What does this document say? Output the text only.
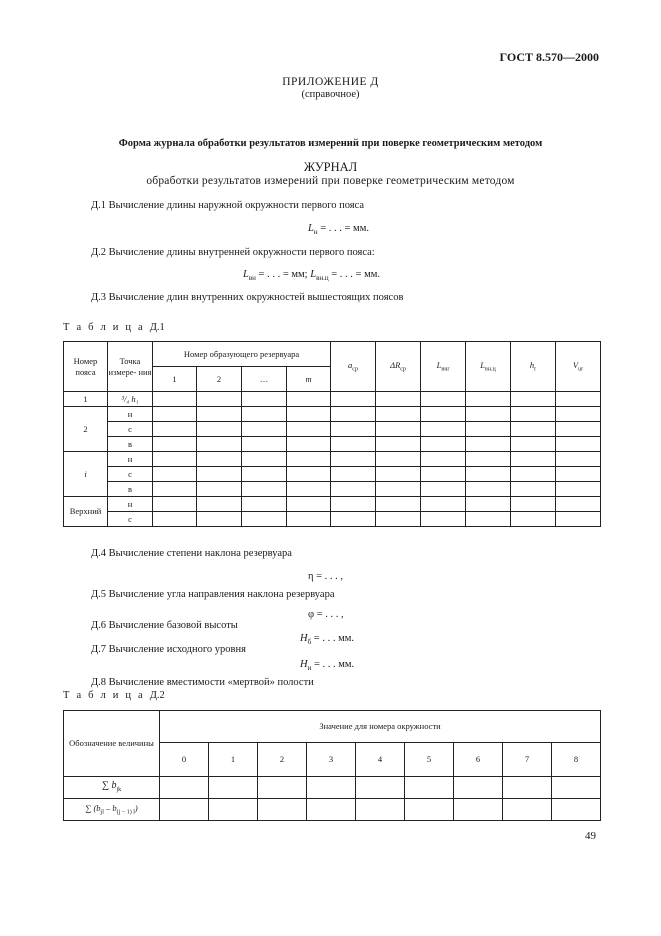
ГОСТ 8.570—2000
ПРИЛОЖЕНИЕ Д
(справочное)
Форма журнала обработки результатов измерений при поверке геометрическим методом
ЖУРНАЛ
обработки результатов измерений при поверке геометрическим методом
Д.1 Вычисление длины наружной окружности первого пояса
$L_н$ = . . . = мм.
Д.2 Вычисление длины внутренней окружности первого пояса:
$L_{вн}$ = . . . = мм; $L_{вн.ц}$ = . . . = мм.
Д.3 Вычисление длин внутренних окружностей вышестоящих поясов
Т а б л и ц а Д.1
Номер пояса	Точка измере- ния	Номер образующего резервуара				$a_{ср}$	$\Delta R_{ср}$	$L_{внr}$	$L_{вн.ц}$	$h_r$	$V_{ur}$
		1	2	…	m						
1	³/₄ h₁										
2	н										
	с										
	в										
i	н										
	с										
	в										
Верхний	н										
	с										
Д.4 Вычисление степени наклона резервуара
η = . . . ,
Д.5 Вычисление угла направления наклона резервуара
φ = . . . ,
Д.6 Вычисление базовой высоты
$H_б$ = . . . мм.
Д.7 Вычисление исходного уровня
$H_и$ = . . . мм.
Д.8 Вычисление вместимости «мертвой» полости
Т а б л и ц а Д.2
Обозначение величины	Значение для номера окружности								
	0	1	2	3	4	5	6	7	8
∑ $b_{jk}$									
∑ $(b_{jl} - b_{(j - 1) l})$									
49
